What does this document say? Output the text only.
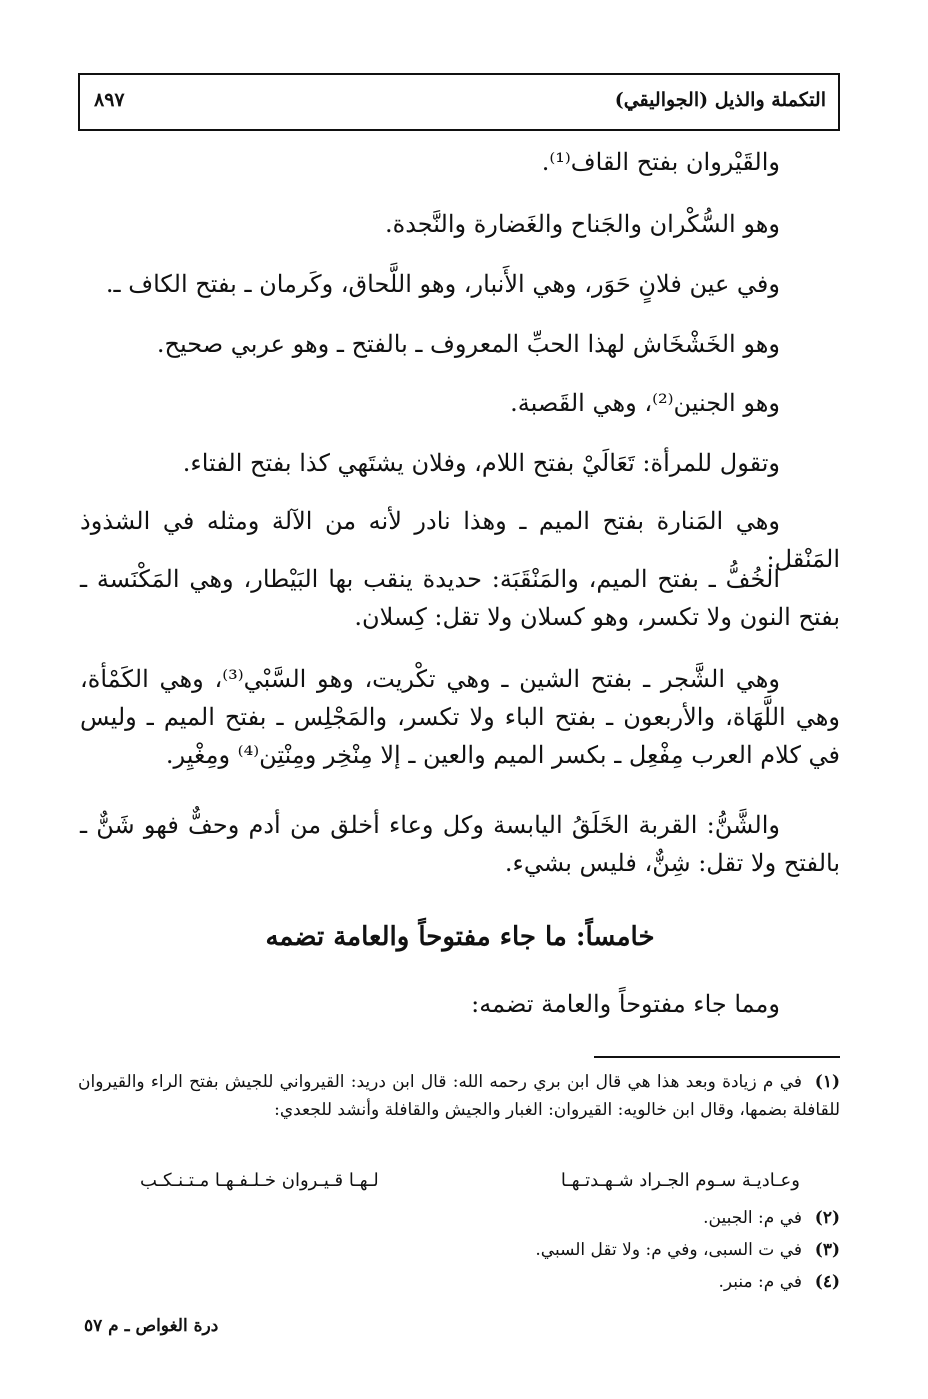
التكملة والذيل (الجواليقي)
٨٩٧
والقَيْروان بفتح القاف⁽¹⁾.
وهو السُّكْران والجَناح والغَضارة والنَّجدة.
وفي عين فلانٍ حَوَر، وهي الأَنبار، وهو اللَّحاق، وكَرمان ـ بفتح الكاف ـ.
وهو الخَشْخَاش لهذا الحبِّ المعروف ـ بالفتح ـ وهو عربي صحيح.
وهو الجنين⁽²⁾، وهي القَصبة.
وتقول للمرأة: تَعَالَيْ بفتح اللام، وفلان يشتَهي كذا بفتح الفتاء.
وهي المَنارة بفتح الميم ـ وهذا نادر لأنه من الآلة ومثله في الشذوذ المَنْقل:
الخُفُّ ـ بفتح الميم، والمَنْقَبَة: حديدة ينقب بها البَيْطار، وهي المَكْنَسة ـ بفتح النون ولا تكسر، وهو كسلان ولا تقل: كِسلان.
وهي الشَّجر ـ بفتح الشين ـ وهي تكْريت، وهو السَّبْي⁽³⁾، وهي الكَمْأة، وهي اللَّهَاة، والأربعون ـ بفتح الباء ولا تكسر، والمَجْلِس ـ بفتح الميم ـ وليس في كلام العرب مِفْعِل ـ بكسر الميم والعين ـ إلا مِنْخِر ومِنْتِن⁽⁴⁾ ومِغْيِر.
والشَّنُّ: القربة الخَلَقُ اليابسة وكل وعاء أخلق من أدم وحفٌّ فهو شَنٌّ ـ بالفتح ولا تقل: شِنٌّ، فليس بشيء.
خامساً: ما جاء مفتوحاً والعامة تضمه
ومما جاء مفتوحاً والعامة تضمه:
(١)في م زيادة وبعد هذا هي قال ابن بري رحمه الله: قال ابن دريد: القيرواني للجيش بفتح الراء والقيروان للقافلة بضمها، وقال ابن خالويه: القيروان: الغبار والجيش والقافلة وأنشد للجعدي:
وعـاديـة سـوم الجـراد شـهـدتـهـا
لـهـا قـيـروان خـلـفـهـا مـتـنـكـب
(٢)في م: الجبين.
(٣)في ت السبى، وفي م: ولا تقل السبي.
(٤)في م: منبر.
درة الغواص ـ م ٥٧
